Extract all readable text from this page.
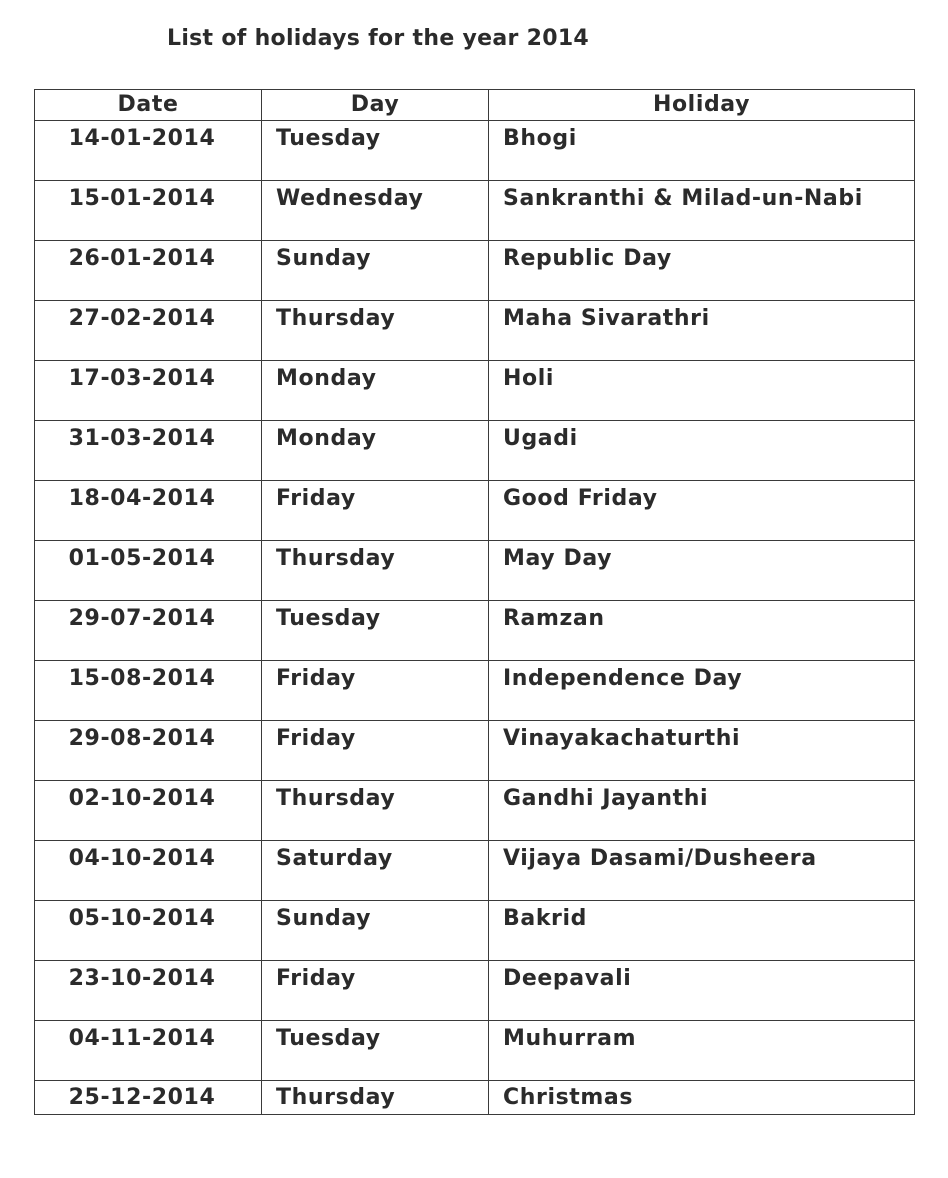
List of holidays for the year 2014
Date	Day	Holiday
14-01-2014	Tuesday	Bhogi
15-01-2014	Wednesday	Sankranthi & Milad-un-Nabi
26-01-2014	Sunday	Republic Day
27-02-2014	Thursday	Maha Sivarathri
17-03-2014	Monday	Holi
31-03-2014	Monday	Ugadi
18-04-2014	Friday	Good Friday
01-05-2014	Thursday	May Day
29-07-2014	Tuesday	Ramzan
15-08-2014	Friday	Independence Day
29-08-2014	Friday	Vinayakachaturthi
02-10-2014	Thursday	Gandhi Jayanthi
04-10-2014	Saturday	Vijaya Dasami/Dusheera
05-10-2014	Sunday	Bakrid
23-10-2014	Friday	Deepavali
04-11-2014	Tuesday	Muhurram
25-12-2014	Thursday	Christmas
